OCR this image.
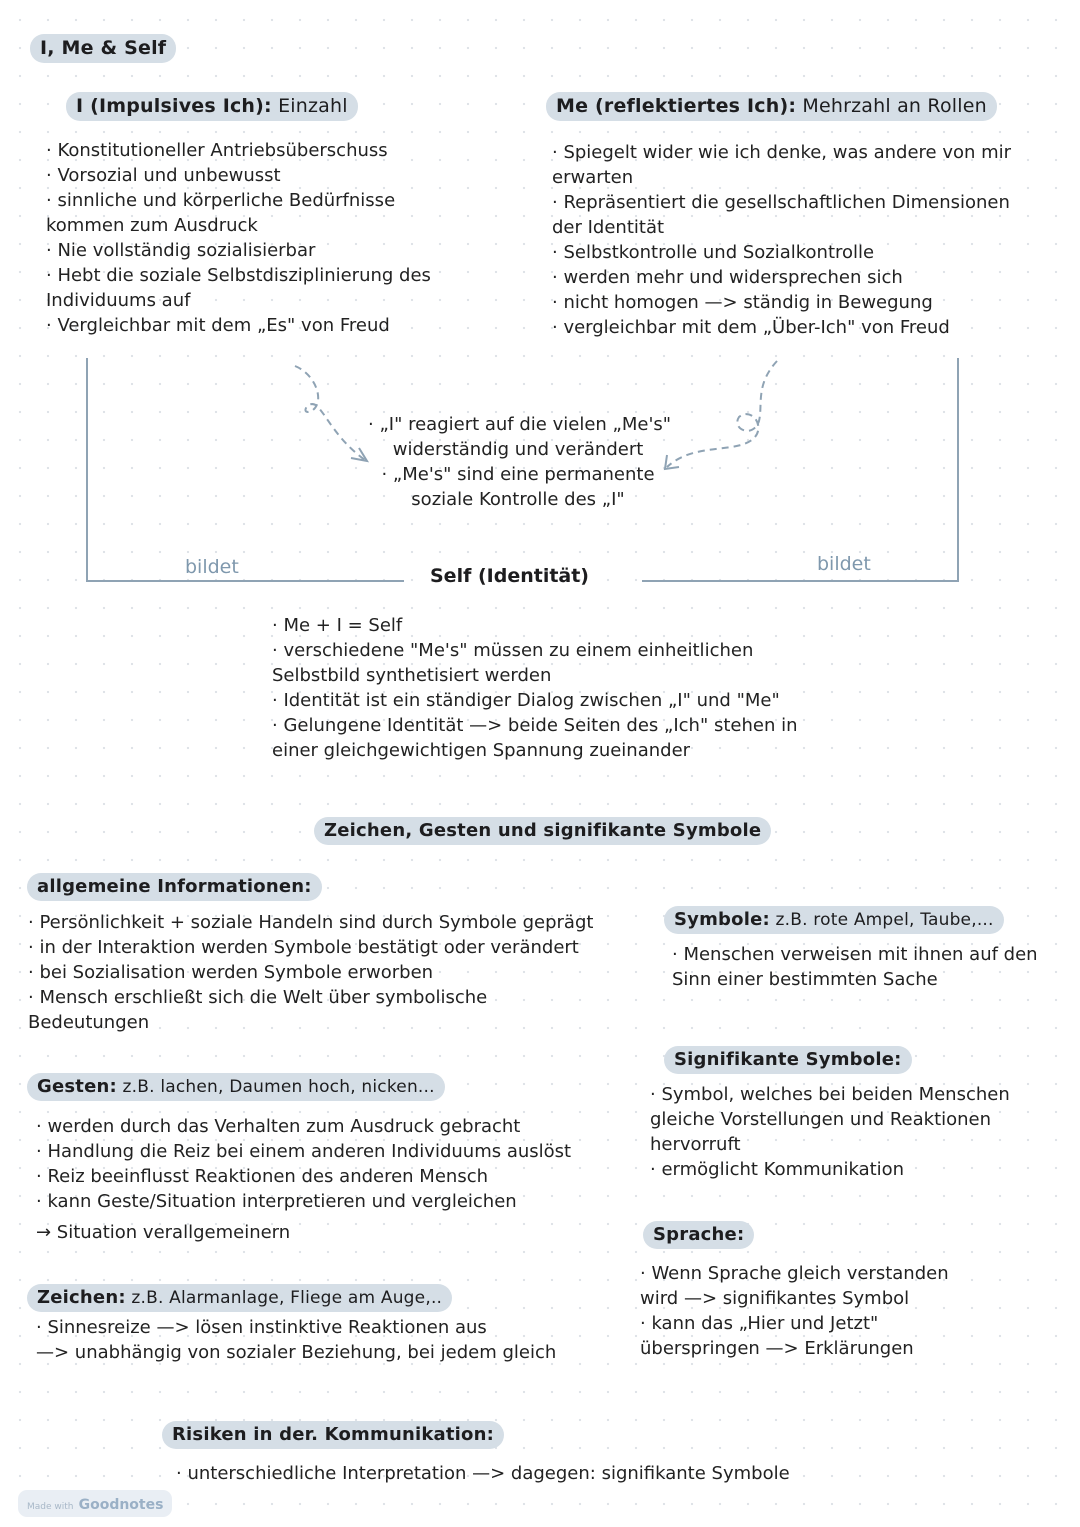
I, Me & Self
I (Impulsives Ich): Einzahl
· Konstitutioneller Antriebsüberschuss
· Vorsozial und unbewusst
· sinnliche und körperliche Bedürfnisse
kommen zum Ausdruck
· Nie vollständig sozialisierbar
· Hebt die soziale Selbstdisziplinierung des
Individuums auf
· Vergleichbar mit dem „Es" von Freud
Me (reflektiertes Ich): Mehrzahl an Rollen
· Spiegelt wider wie ich denke, was andere von mir
erwarten
· Repräsentiert die gesellschaftlichen Dimensionen
der Identität
· Selbstkontrolle und Sozialkontrolle
· werden mehr und widersprechen sich
· nicht homogen —> ständig in Bewegung
· vergleichbar mit dem „Über-Ich" von Freud
bildet	bildet
· „I" reagiert auf die vielen „Me's"
widerständig und verändert
· „Me's" sind eine permanente
soziale Kontrolle des „I"
Self (Identität)
· Me + I = Self
· verschiedene "Me's" müssen zu einem einheitlichen
Selbstbild synthetisiert werden
· Identität ist ein ständiger Dialog zwischen „I" und "Me"
· Gelungene Identität —> beide Seiten des „Ich" stehen in
einer gleichgewichtigen Spannung zueinander
Zeichen, Gesten und signifikante Symbole
allgemeine Informationen:
· Persönlichkeit + soziale Handeln sind durch Symbole geprägt
· in der Interaktion werden Symbole bestätigt oder verändert
· bei Sozialisation werden Symbole erworben
· Mensch erschließt sich die Welt über symbolische
Bedeutungen
Symbole: z.B. rote Ampel, Taube,...
· Menschen verweisen mit ihnen auf den
Sinn einer bestimmten Sache
Signifikante Symbole:
· Symbol, welches bei beiden Menschen
gleiche Vorstellungen und Reaktionen
hervorruft
· ermöglicht Kommunikation
Gesten: z.B. lachen, Daumen hoch, nicken...
· werden durch das Verhalten zum Ausdruck gebracht
· Handlung die Reiz bei einem anderen Individuums auslöst
· Reiz beeinflusst Reaktionen des anderen Mensch
· kann Geste/Situation interpretieren und vergleichen
→ Situation verallgemeinern	Sprache:
· Wenn Sprache gleich verstanden
wird —> signifikantes Symbol
· kann das „Hier und Jetzt"
überspringen —> Erklärungen
Zeichen: z.B. Alarmanlage, Fliege am Auge,..
· Sinnesreize —> lösen instinktive Reaktionen aus
—> unabhängig von sozialer Beziehung, bei jedem gleich
Risiken in der. Kommunikation:
· unterschiedliche Interpretation —> dagegen: signifikante Symbole
Made with Goodnotes
